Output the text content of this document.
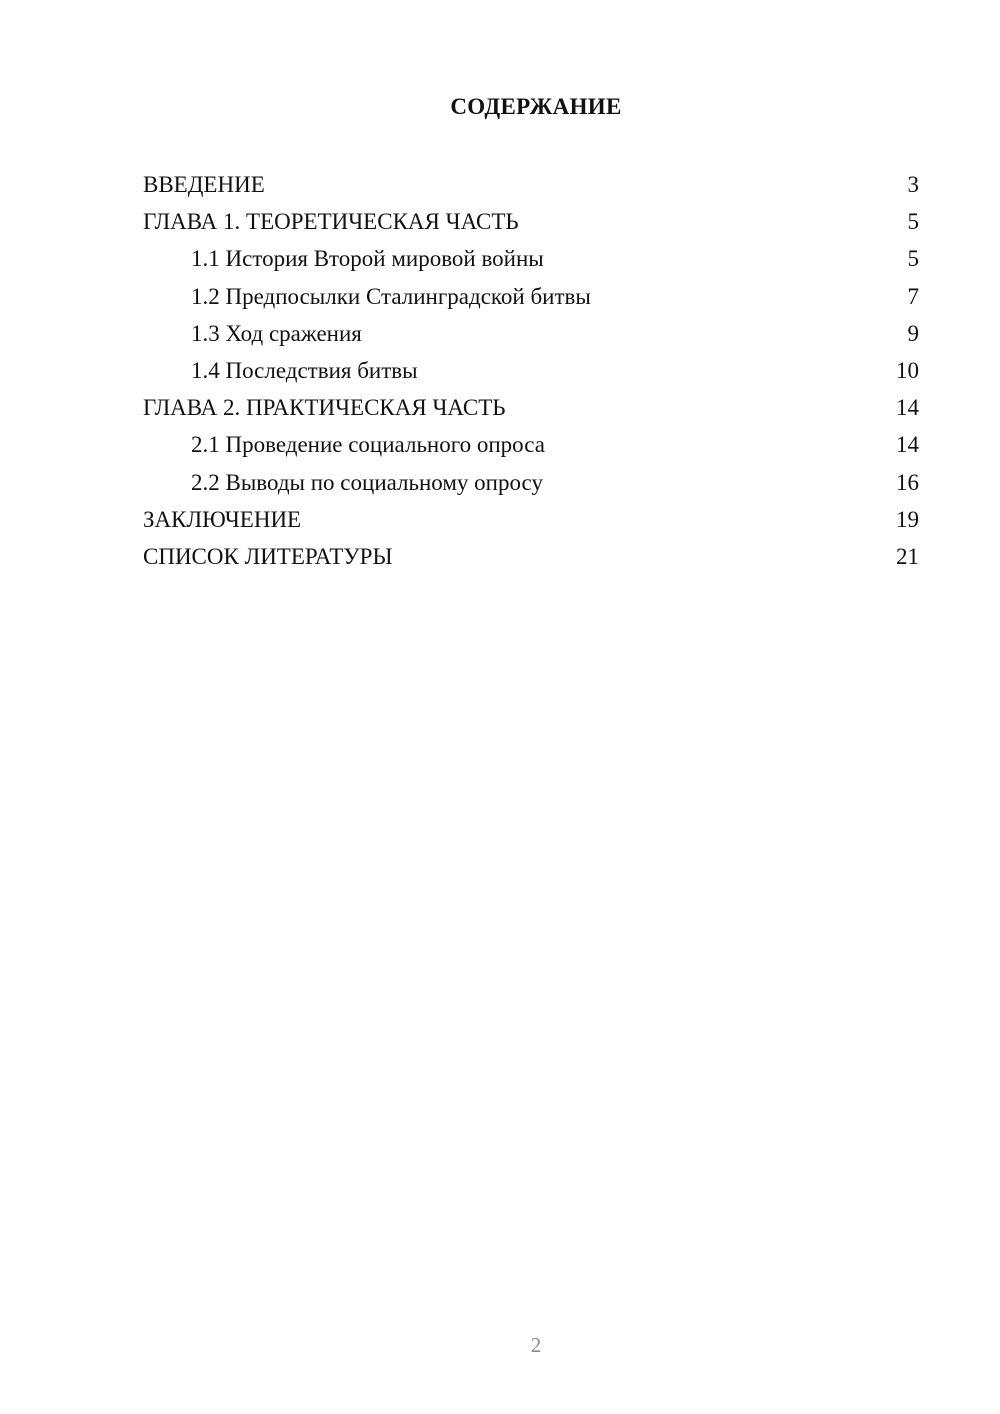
СОДЕРЖАНИЕ
ВВЕДЕНИЕ	3
ГЛАВА 1. ТЕОРЕТИЧЕСКАЯ ЧАСТЬ	5
1.1 История Второй мировой войны	5
1.2 Предпосылки Сталинградской битвы	7
1.3 Ход сражения	9
1.4 Последствия битвы	10
ГЛАВА 2. ПРАКТИЧЕСКАЯ ЧАСТЬ	14
2.1 Проведение социального опроса	14
2.2 Выводы по социальному опросу	16
ЗАКЛЮЧЕНИЕ	19
СПИСОК ЛИТЕРАТУРЫ	21
2
